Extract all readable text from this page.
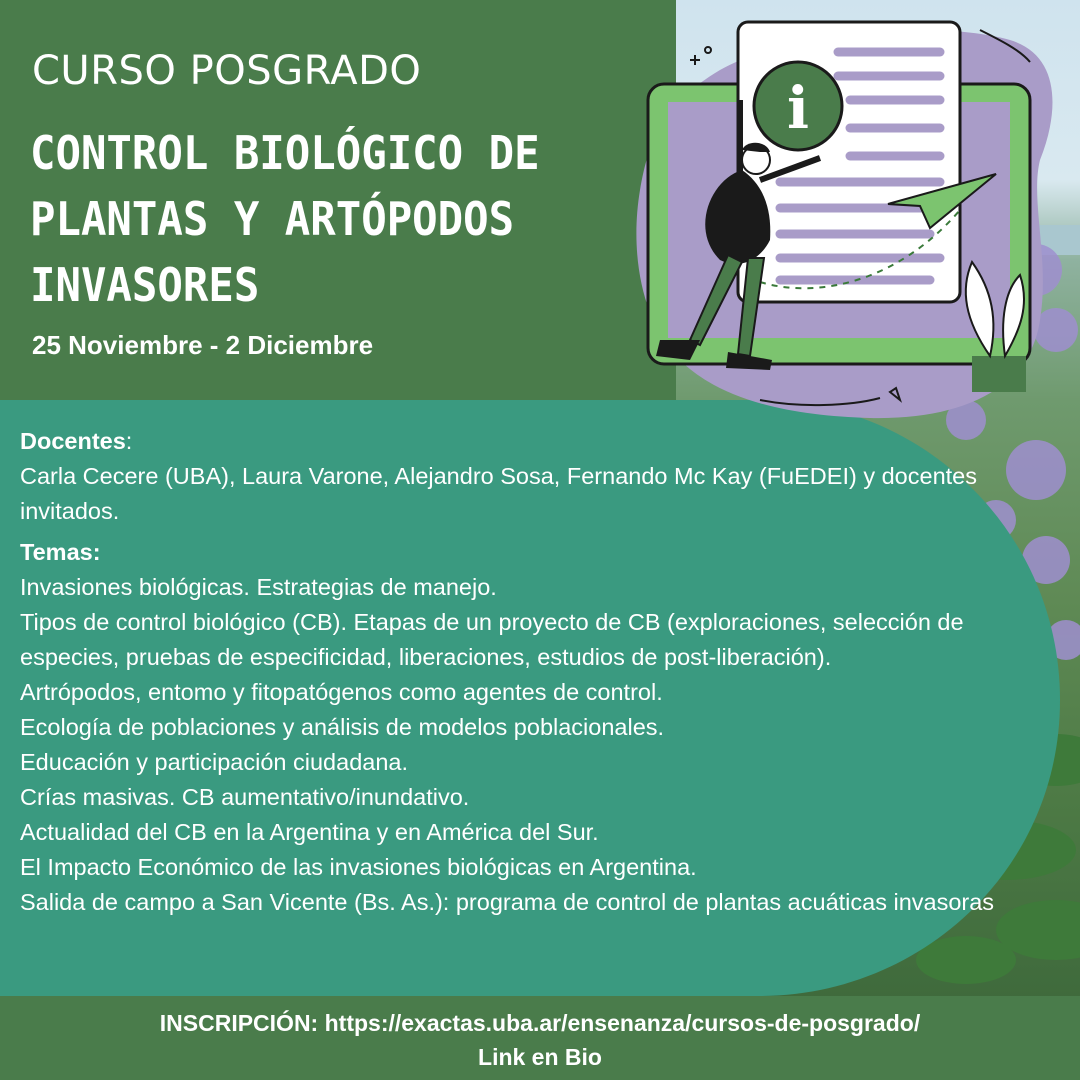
CURSO POSGRADO
CONTROL BIOLÓGICO DE
PLANTAS Y ARTÓPODOS
INVASORES
25 Noviembre - 2 Diciembre
Docentes:
Carla Cecere (UBA), Laura Varone, Alejandro Sosa, Fernando Mc Kay (FuEDEI) y docentes invitados.
Temas:
Invasiones biológicas. Estrategias de manejo.
Tipos de control biológico (CB). Etapas de un proyecto de CB (exploraciones, selección de especies, pruebas de especificidad, liberaciones, estudios de post-liberación).
Artrópodos, entomo y fitopatógenos como agentes de control.
Ecología de poblaciones y análisis de modelos poblacionales.
Educación y participación ciudadana.
Crías masivas. CB aumentativo/inundativo.
Actualidad del CB en la Argentina y en América del Sur.
El Impacto Económico de las invasiones biológicas en Argentina.
Salida de campo a San Vicente (Bs. As.): programa de control de plantas acuáticas invasoras
i
INSCRIPCIÓN: https://exactas.uba.ar/ensenanza/cursos-de-posgrado/
Link en Bio
